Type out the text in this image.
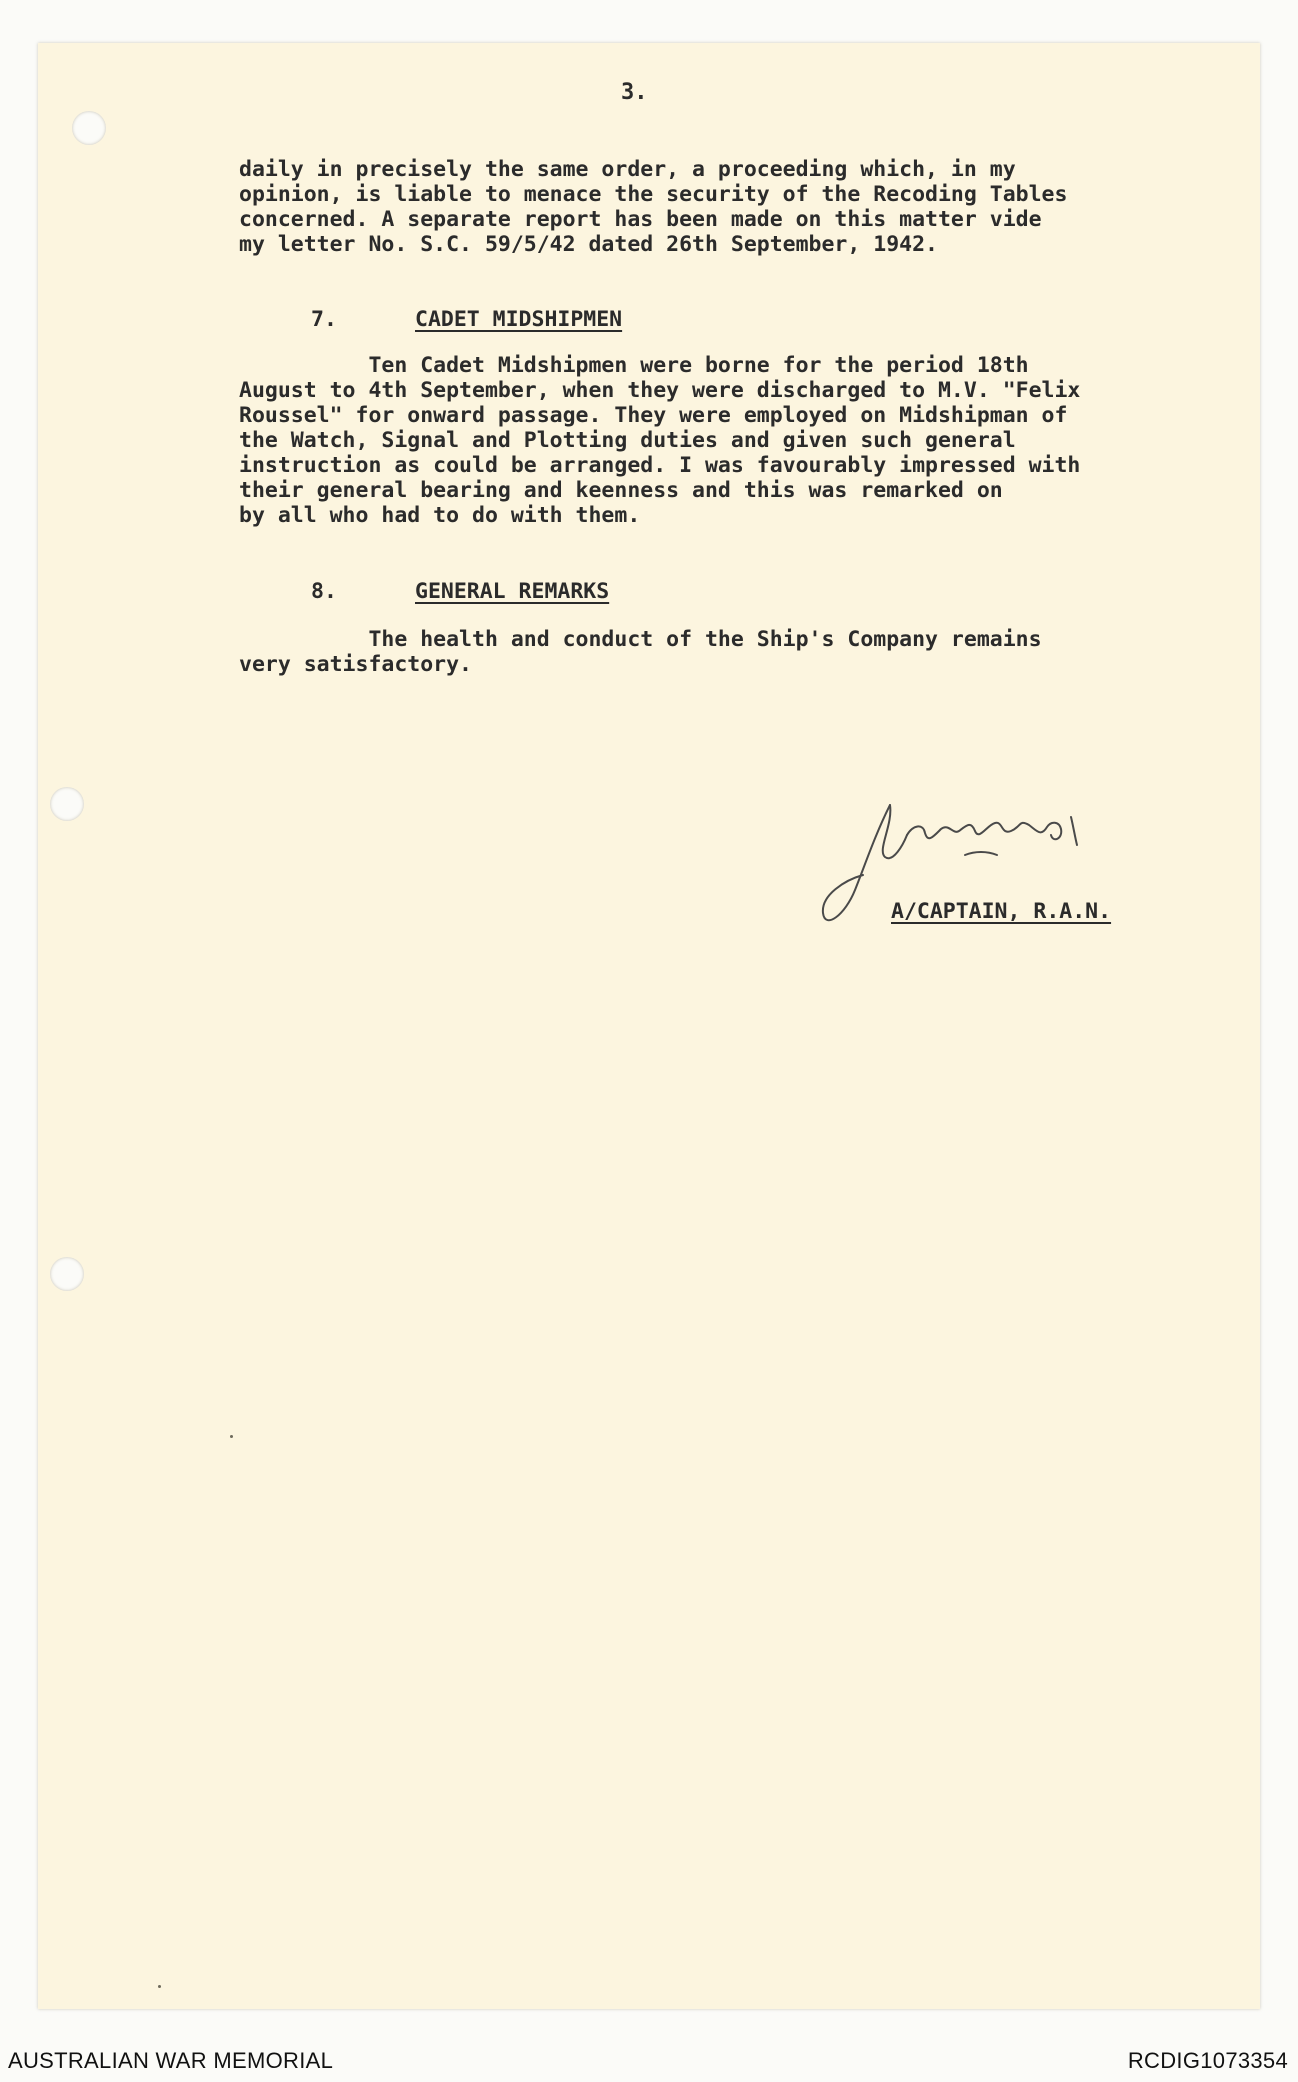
3.

daily in precisely the same order, a proceeding which, in my

opinion, is liable to menace the security of the Recoding Tables

concerned. A separate report has been made on this matter vide

my letter No. S.C. 59/5/42 dated 26th September, 1942.

7.	CADET MIDSHIPMEN

Ten Cadet Midshipmen were borne for the period 18th

August to 4th September, when they were discharged to M.V. "Felix

Roussel" for onward passage. They were employed on Midshipman of

the Watch, Signal and Plotting duties and given such general

instruction as could be arranged. I was favourably impressed with

their general bearing and keenness and this was remarked on

by all who had to do with them.

8.	GENERAL REMARKS

The health and conduct of the Ship's Company remains

very satisfactory.

A/CAPTAIN, R.A.N.

AUSTRALIAN WAR MEMORIAL	RCDIG1073354
